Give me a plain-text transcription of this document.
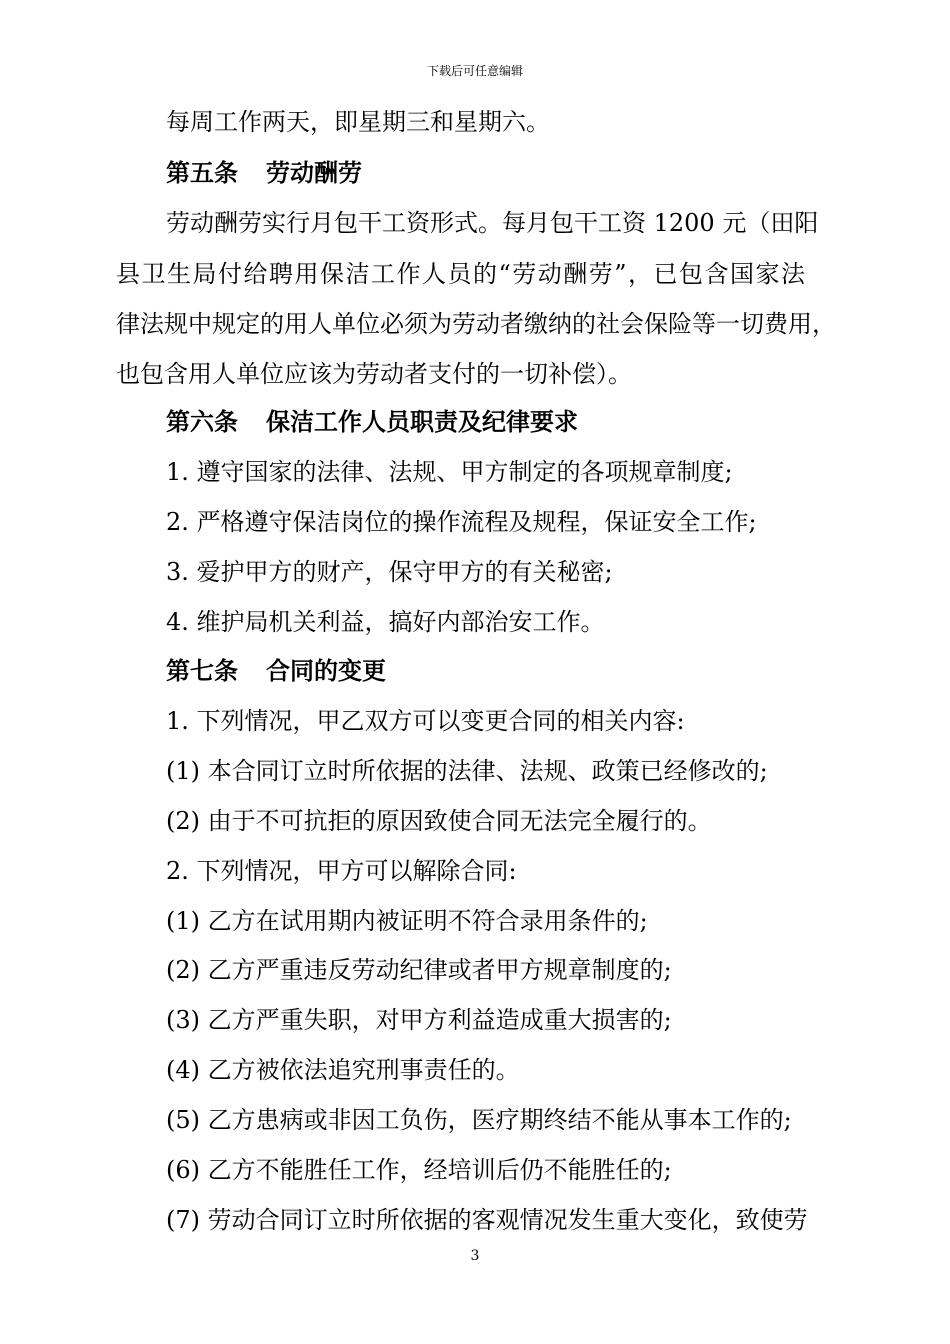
下载后可任意编辑
每周工作两天，即星期三和星期六。
第五条 劳动酬劳
劳动酬劳实行月包干工资形式。每月包干工资 1200 元（田阳
县卫生局付给聘用保洁工作人员的“劳动酬劳”，已包含国家法
律法规中规定的用人单位必须为劳动者缴纳的社会保险等一切费用，
也包含用人单位应该为劳动者支付的一切补偿）。
第六条 保洁工作人员职责及纪律要求
1. 遵守国家的法律、法规、甲方制定的各项规章制度;
2. 严格遵守保洁岗位的操作流程及规程，保证安全工作;
3. 爱护甲方的财产，保守甲方的有关秘密;
4. 维护局机关利益，搞好内部治安工作。
第七条 合同的变更
1. 下列情况，甲乙双方可以变更合同的相关内容:
(1) 本合同订立时所依据的法律、法规、政策已经修改的;
(2) 由于不可抗拒的原因致使合同无法完全履行的。
2. 下列情况，甲方可以解除合同:
(1) 乙方在试用期内被证明不符合录用条件的;
(2) 乙方严重违反劳动纪律或者甲方规章制度的;
(3) 乙方严重失职，对甲方利益造成重大损害的;
(4) 乙方被依法追究刑事责任的。
(5) 乙方患病或非因工负伤，医疗期终结不能从事本工作的;
(6) 乙方不能胜任工作，经培训后仍不能胜任的;
(7) 劳动合同订立时所依据的客观情况发生重大变化，致使劳
3
